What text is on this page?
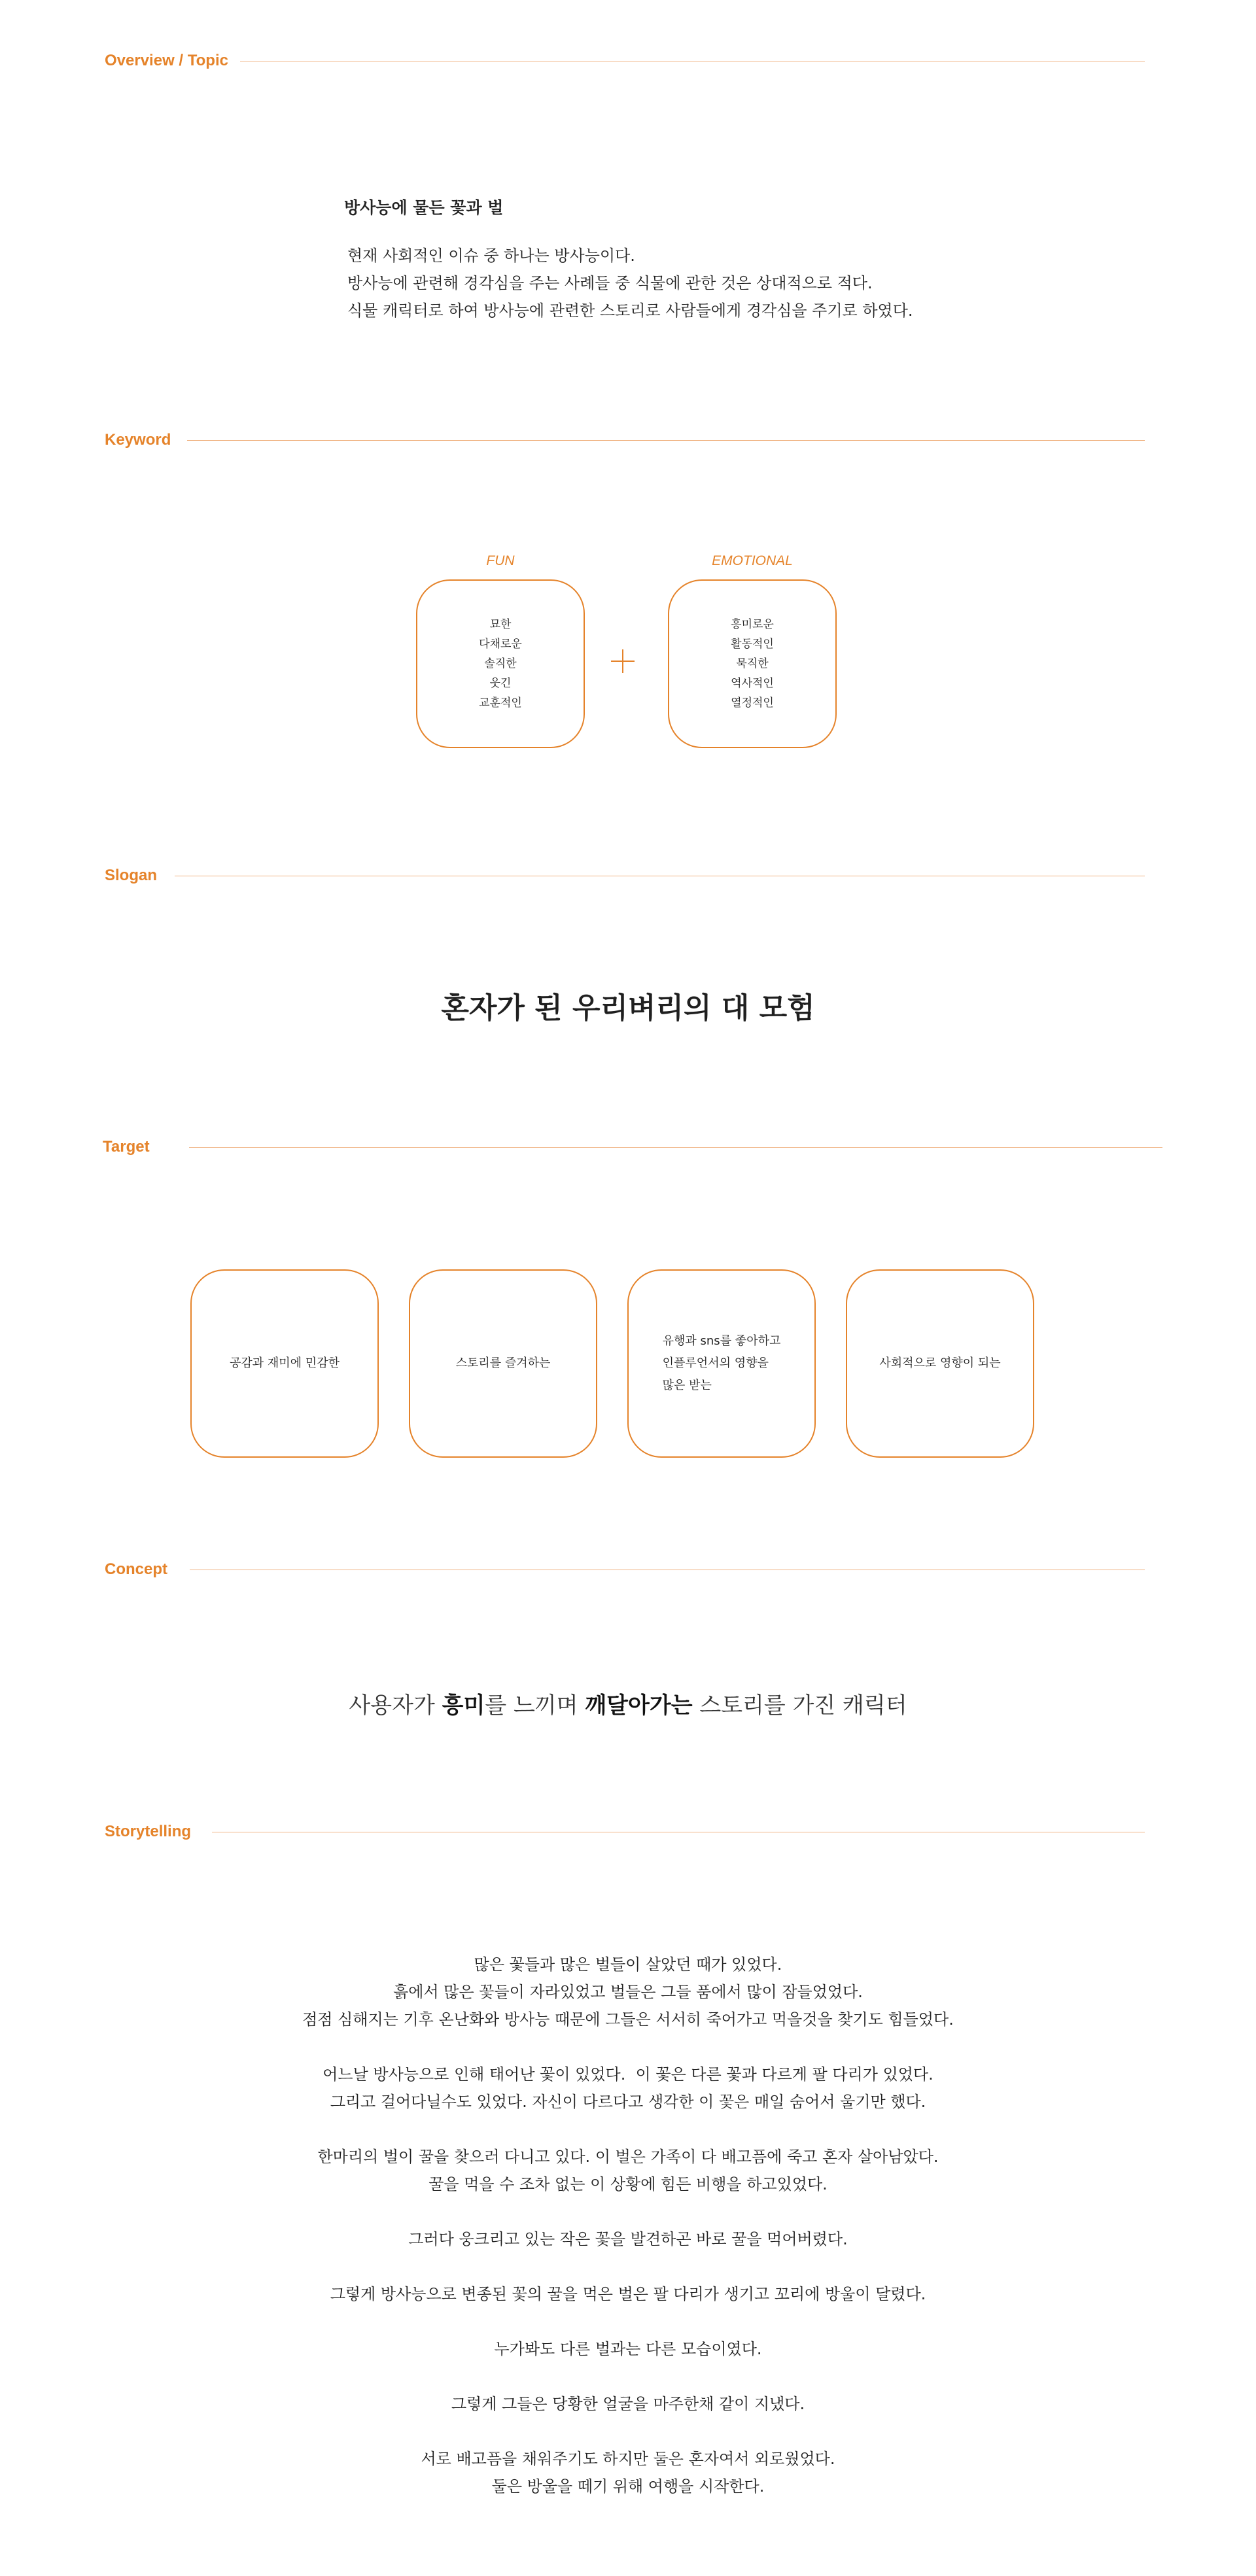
Overview / Topic
방사능에 물든 꽃과 벌
현재 사회적인 이슈 중 하나는 방사능이다.
방사능에 관련해 경각심을 주는 사례들 중 식물에 관한 것은 상대적으로 적다.
식물 캐릭터로 하여 방사능에 관련한 스토리로 사람들에게 경각심을 주기로 하였다.
Keyword
FUN
묘한
다채로운
솔직한
웃긴
교훈적인
EMOTIONAL
흥미로운
활동적인
묵직한
역사적인
열정적인
Slogan
혼자가 된 우리벼리의 대 모험
Target
공감과 재미에 민감한	스토리를 즐겨하는
유행과 sns를 좋아하고
인플루언서의 영향을
많은 받는
사회적으로 영향이 되는
Concept
사용자가 흥미를 느끼며 깨달아가는 스토리를 가진 캐릭터
Storytelling
많은 꽃들과 많은 벌들이 살았던 때가 있었다.
흙에서 많은 꽃들이 자라있었고 벌들은 그들 품에서 많이 잠들었었다.
점점 심해지는 기후 온난화와 방사능 때문에 그들은 서서히 죽어가고 먹을것을 찾기도 힘들었다.
어느날 방사능으로 인해 태어난 꽃이 있었다.  이 꽃은 다른 꽃과 다르게 팔 다리가 있었다.
그리고 걸어다닐수도 있었다. 자신이 다르다고 생각한 이 꽃은 매일 숨어서 울기만 했다.
한마리의 벌이 꿀을 찾으러 다니고 있다. 이 벌은 가족이 다 배고픔에 죽고 혼자 살아남았다.
꿀을 먹을 수 조차 없는 이 상황에 힘든 비행을 하고있었다.
그러다 웅크리고 있는 작은 꽃을 발견하곤 바로 꿀을 먹어버렸다.
그렇게 방사능으로 변종된 꽃의 꿀을 먹은 벌은 팔 다리가 생기고 꼬리에 방울이 달렸다.
누가봐도 다른 벌과는 다른 모습이였다.
그렇게 그들은 당황한 얼굴을 마주한채 같이 지냈다.
서로 배고픔을 채워주기도 하지만 둘은 혼자여서 외로웠었다.
둘은 방울을 떼기 위해 여행을 시작한다.
